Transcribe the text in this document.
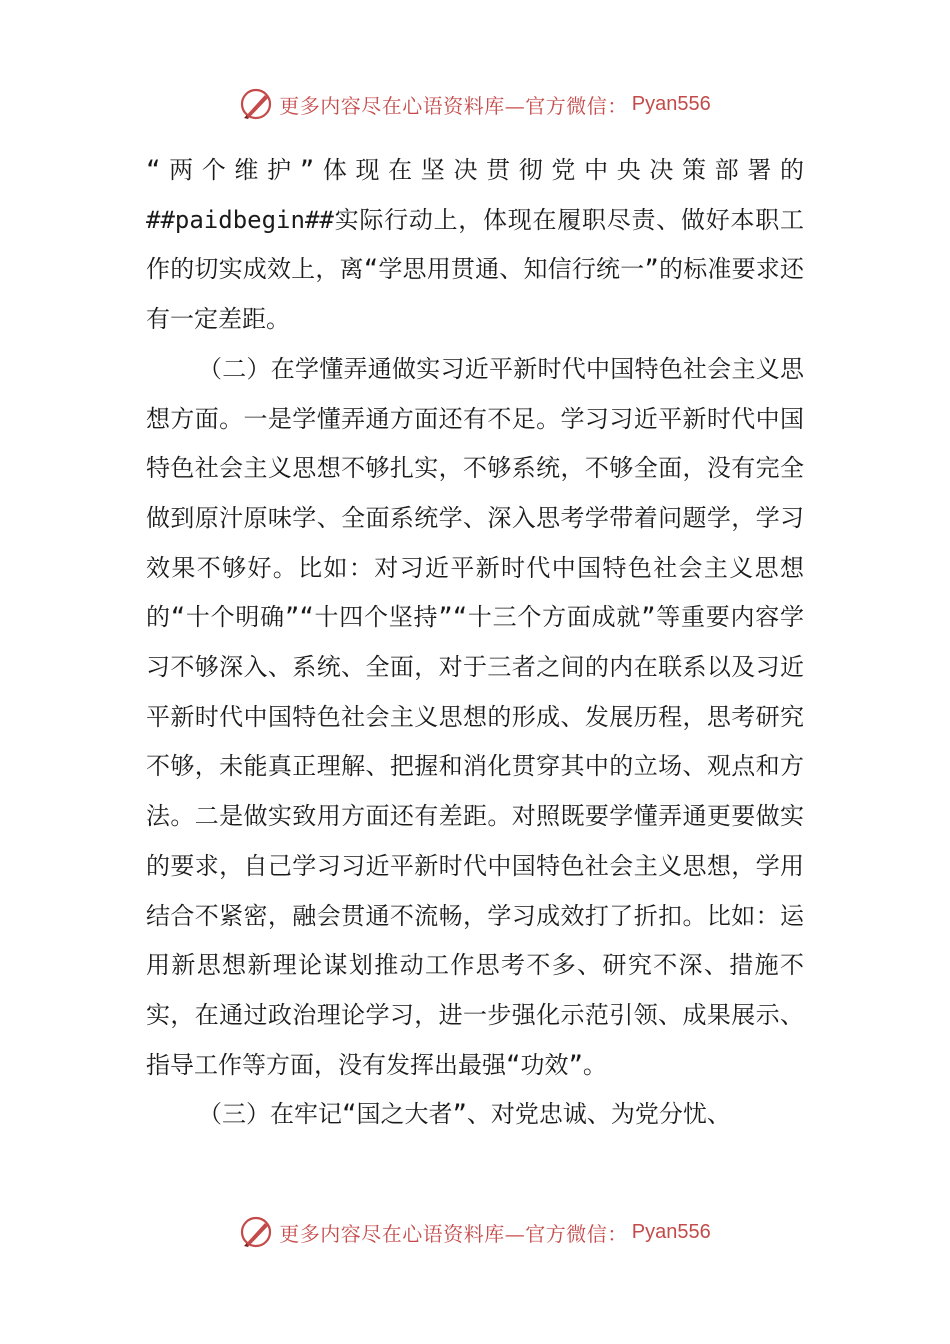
更多内容尽在心语资料库—官方微信： Pyan556

“两个维护”体现在坚决贯彻党中央决策部署的##paidbegin##实际行动上，体现在履职尽责、做好本职工作的切实成效上，离“学思用贯通、知信行统一”的标准要求还有一定差距。

（二）在学懂弄通做实习近平新时代中国特色社会主义思想方面。一是学懂弄通方面还有不足。学习习近平新时代中国特色社会主义思想不够扎实，不够系统，不够全面，没有完全做到原汁原味学、全面系统学、深入思考学带着问题学，学习效果不够好。比如：对习近平新时代中国特色社会主义思想的“十个明确”“十四个坚持”“十三个方面成就”等重要内容学习不够深入、系统、全面，对于三者之间的内在联系以及习近平新时代中国特色社会主义思想的形成、发展历程，思考研究不够，未能真正理解、把握和消化贯穿其中的立场、观点和方法。二是做实致用方面还有差距。对照既要学懂弄通更要做实的要求，自己学习习近平新时代中国特色社会主义思想，学用结合不紧密，融会贯通不流畅，学习成效打了折扣。比如：运用新思想新理论谋划推动工作思考不多、研究不深、措施不实，在通过政治理论学习，进一步强化示范引领、成果展示、指导工作等方面，没有发挥出最强“功效”。

（三）在牢记“国之大者”、对党忠诚、为党分忧、

更多内容尽在心语资料库—官方微信： Pyan556
